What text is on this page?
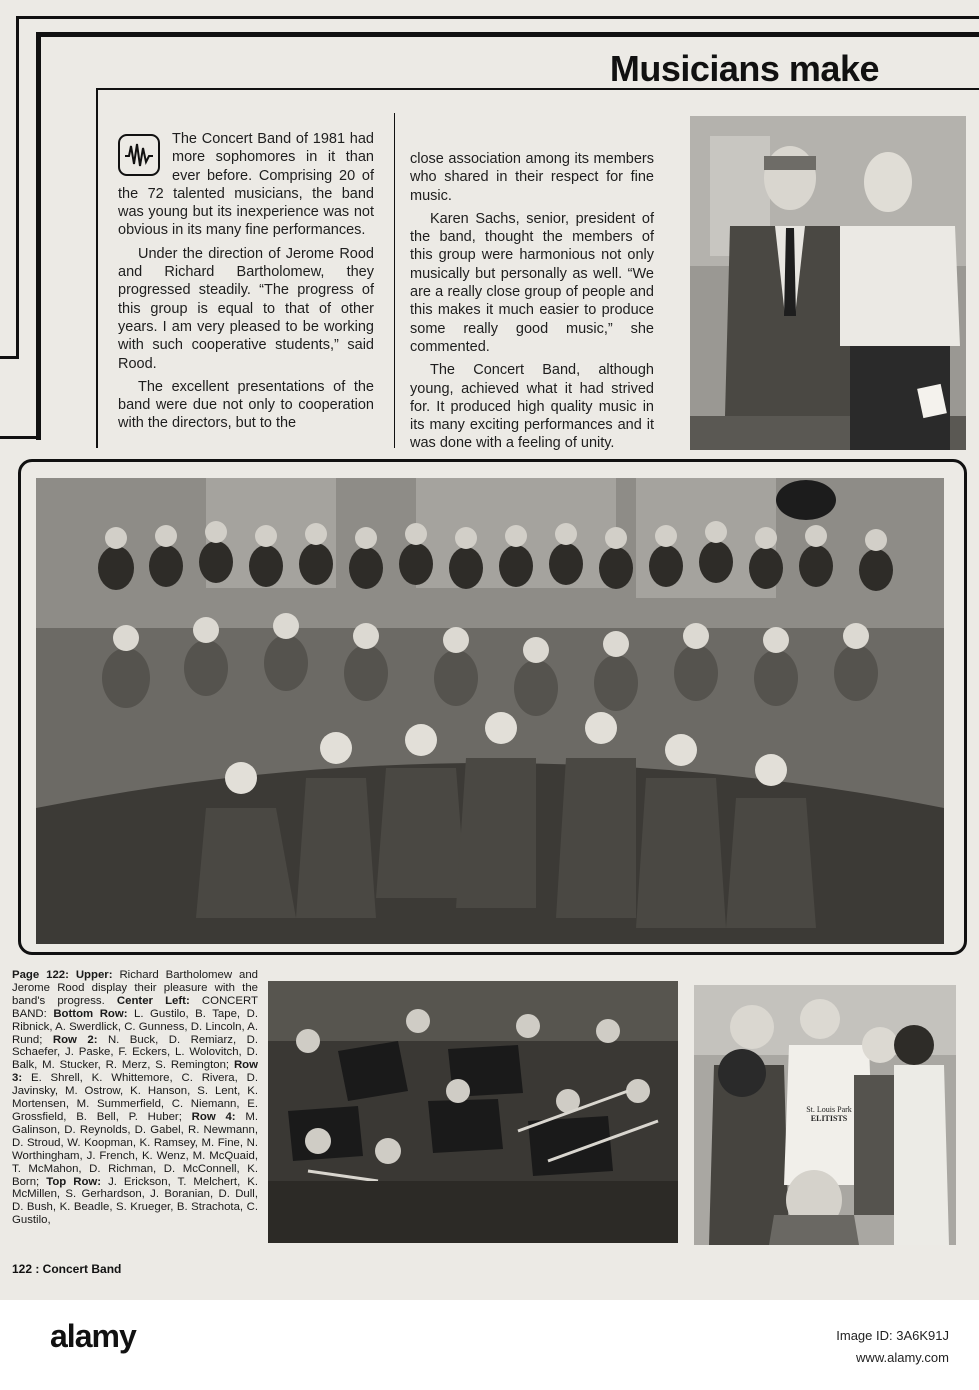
Musicians make

The Concert Band of 1981 had more sophomores in it than ever before. Comprising 20 of the 72 talented musicians, the band was young but its inexperience was not obvious in its many fine performances.

Under the direction of Jerome Rood and Richard Bartholomew, they progressed steadily. “The progress of this group is equal to that of other years. I am very pleased to be working with such cooperative students,” said Rood.

The excellent presentations of the band were due not only to cooperation with the directors, but to the

close association among its members who shared in their respect for fine music.

Karen Sachs, senior, president of the band, thought the members of this group were harmonious not only musically but personally as well. “We are a really close group of people and this makes it much easier to produce some really good music,” she commented.

The Concert Band, although young, achieved what it had strived for. It produced high quality music in its many exciting performances and it was done with a feeling of unity.

Page 122: Upper: Richard Bartholomew and Jerome Rood display their pleasure with the band's progress. Center Left: CONCERT BAND: Bottom Row: L. Gustilo, B. Tape, D. Ribnick, A. Swerdlick, C. Gunness, D. Lincoln, A. Rund; Row 2: N. Buck, D. Remiarz, D. Schaefer, J. Paske, F. Eckers, L. Wolovitch, D. Balk, M. Stucker, R. Merz, S. Remington; Row 3: E. Shrell, K. Whittemore, C. Rivera, D. Javinsky, M. Ostrow, K. Hanson, S. Lent, K. Mortensen, M. Summerfield, C. Niemann, E. Grossfield, B. Bell, P. Huber; Row 4: M. Galinson, D. Reynolds, D. Gabel, R. Newmann, D. Stroud, W. Koopman, K. Ramsey, M. Fine, N. Worthingham, J. French, K. Wenz, M. McQuaid, T. McMahon, D. Richman, D. McConnell, K. Born; Top Row: J. Erickson, T. Melchert, K. McMillen, S. Gerhardson, J. Boranian, D. Dull, D. Bush, K. Beadle, S. Krueger, B. Strachota, C. Gustilo,
St. Louis Park
ELITISTS
122 : Concert Band
alamy	Image ID: 3A6K91J
www.alamy.com
